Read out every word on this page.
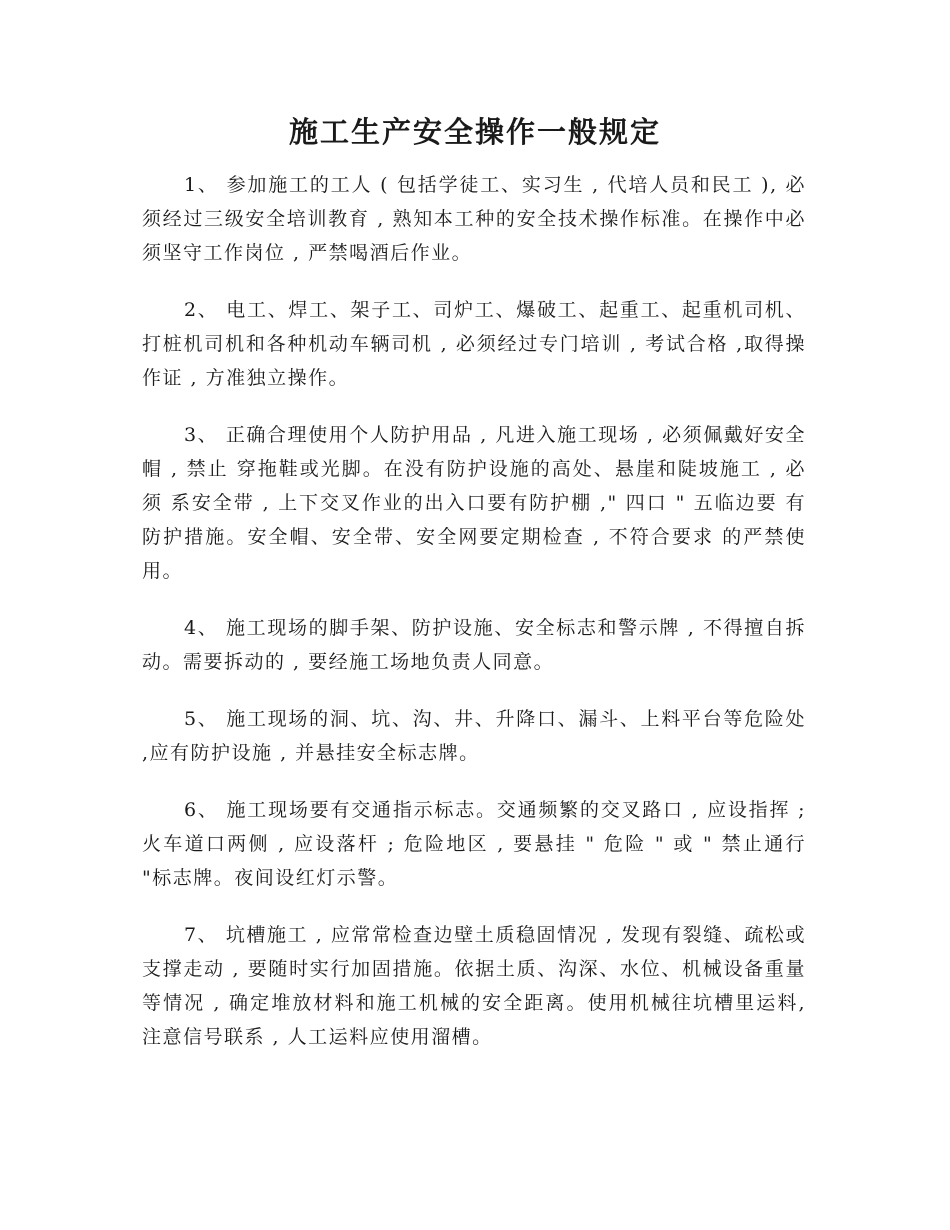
施工生产安全操作一般规定

1、 参加施工的工人 ( 包括学徒工、实习生 , 代培人员和民工 ), 必须经过三级安全培训教育 , 熟知本工种的安全技术操作标准。在操作中必须坚守工作岗位 , 严禁喝酒后作业。

2、 电工、焊工、架子工、司炉工、爆破工、起重工、起重机司机、打桩机司机和各种机动车辆司机 , 必须经过专门培训 , 考试合格 ,取得操作证 , 方准独立操作。

3、 正确合理使用个人防护用品 , 凡进入施工现场 , 必须佩戴好安全帽 , 禁止 穿拖鞋或光脚。在没有防护设施的高处、悬崖和陡坡施工 , 必须 系安全带 , 上下交叉作业的出入口要有防护棚 ," 四口 " 五临边要 有防护措施。安全帽、安全带、安全网要定期检查 , 不符合要求 的严禁使用。

4、 施工现场的脚手架、防护设施、安全标志和警示牌 , 不得擅自拆动。需要拆动的 , 要经施工场地负责人同意。

5、 施工现场的洞、坑、沟、井、升降口、漏斗、上料平台等危险处 ,应有防护设施 , 并悬挂安全标志牌。

6、 施工现场要有交通指示标志。交通频繁的交叉路口 , 应设指挥 ;火车道口两侧 , 应设落杆 ; 危险地区 , 要悬挂 " 危险 " 或 " 禁止通行 "标志牌。夜间设红灯示警。

7、 坑槽施工 , 应常常检查边壁土质稳固情况 , 发现有裂缝、疏松或支撑走动 , 要随时实行加固措施。依据土质、沟深、水位、机械设备重量等情况 , 确定堆放材料和施工机械的安全距离。使用机械往坑槽里运料,注意信号联系 , 人工运料应使用溜槽。
